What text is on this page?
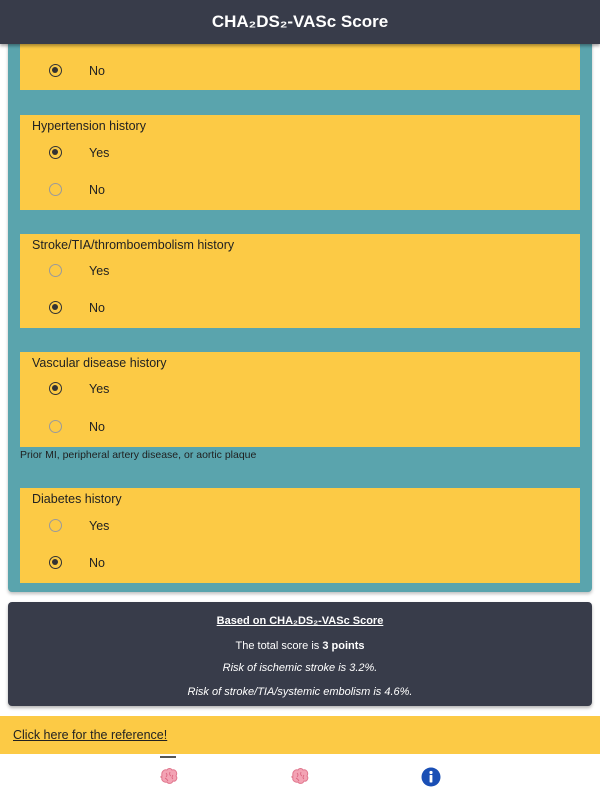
CHA₂DS₂-VASc Score
No
Hypertension history
Yes
No
Stroke/TIA/thromboembolism history
Yes
No
Vascular disease history
Yes
No
Prior MI, peripheral artery disease, or aortic plaque
Diabetes history
Yes
No
Based on CHA₂DS₂-VASc Score
The total score is 3 points
Risk of ischemic stroke is 3.2%.
Risk of stroke/TIA/systemic embolism is 4.6%.
Click here for the reference!
